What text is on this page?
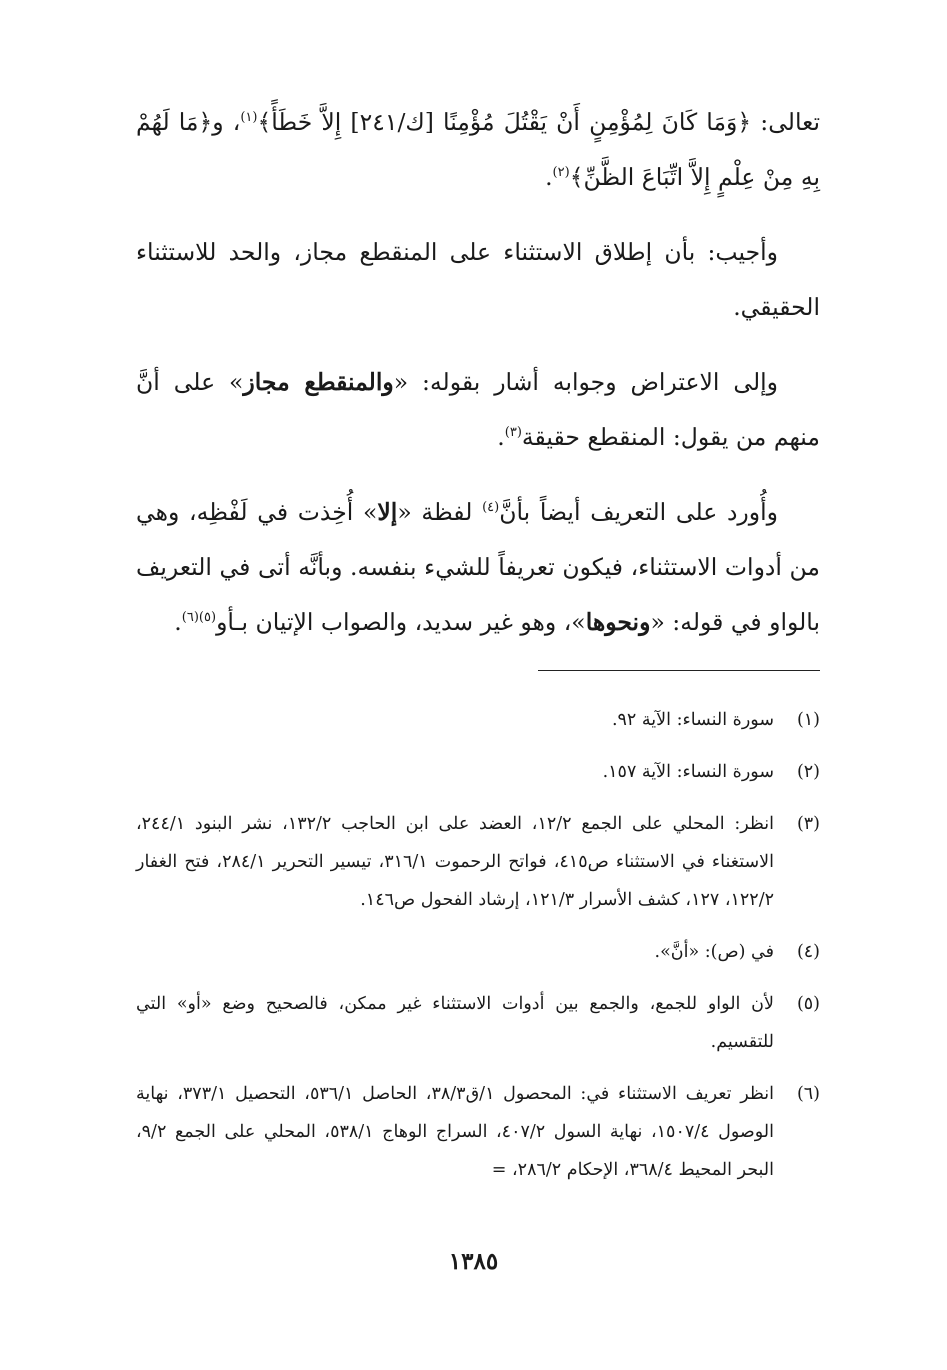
تعالى: ﴿وَمَا كَانَ لِمُؤْمِنٍ أَنْ يَقْتُلَ مُؤْمِنًا [ك/٢٤١] إِلاَّ خَطَأً﴾$^{(١)}$، و﴿مَا لَهُمْ بِهِ مِنْ عِلْمٍ إِلاَّ اتِّبَاعَ الظَّنِّ﴾$^{(٢)}$.

وأجيب: بأن إطلاق الاستثناء على المنقطع مجاز، والحد للاستثناء الحقيقي.

وإلى الاعتراض وجوابه أشار بقوله: «والمنقطع مجاز» على أنَّ منهم من يقول: المنقطع حقيقة$^{(٣)}$.

وأُورد على التعريف أيضاً بأنَّ$^{(٤)}$ لفظة «إلا» أُخِذت في لَفْظِه، وهي من أدوات الاستثناء، فيكون تعريفاً للشيء بنفسه. وبأنَّه أتى في التعريف بالواو في قوله: «ونحوها»، وهو غير سديد، والصواب الإتيان بـأو$^{(٥)(٦)}$.

(١)
سورة النساء: الآية ٩٢.
(٢)
سورة النساء: الآية ١٥٧.
(٣)
انظر: المحلي على الجمع ١٢/٢، العضد على ابن الحاجب ١٣٢/٢، نشر البنود ٢٤٤/١، الاستغناء في الاستثناء ص٤١٥، فواتح الرحموت ٣١٦/١، تيسير التحرير ٢٨٤/١، فتح الغفار ١٢٢/٢، ١٢٧، كشف الأسرار ١٢١/٣، إرشاد الفحول ص١٤٦.
(٤)
في (ص): «أنَّ».
(٥)
لأن الواو للجمع، والجمع بين أدوات الاستثناء غير ممكن، فالصحيح وضع «أو» التي للتقسيم.
(٦)
انظر تعريف الاستثناء في: المحصول ١/ق٣٨/٣، الحاصل ٥٣٦/١، التحصيل ٣٧٣/١، نهاية الوصول ١٥٠٧/٤، نهاية السول ٤٠٧/٢، السراج الوهاج ٥٣٨/١، المحلي على الجمع ٩/٢، البحر المحيط ٣٦٨/٤، الإحكام ٢٨٦/٢، =
١٣٨٥
